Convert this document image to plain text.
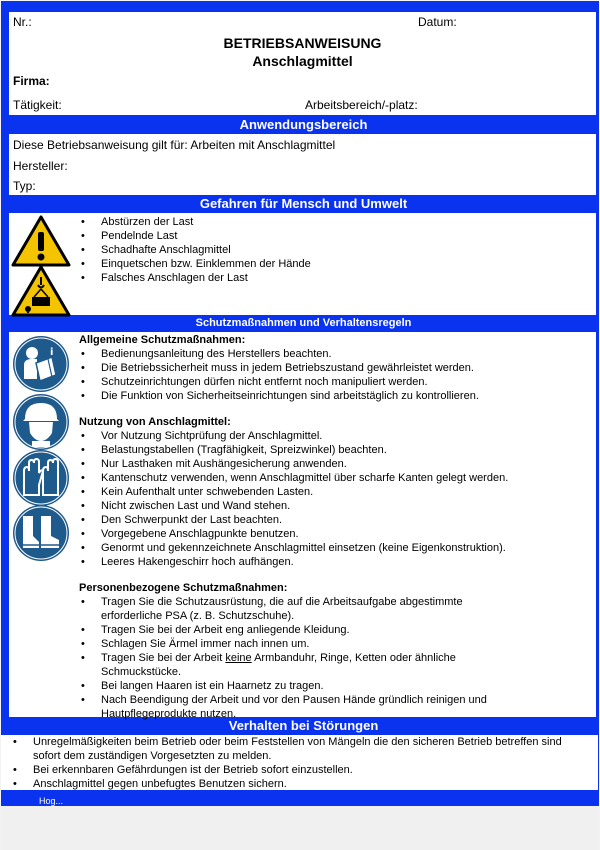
Nr.:	Datum:
BETRIEBSANWEISUNG
Anschlagmittel
Firma:
Tätigkeit:	Arbeitsbereich/-platz:
Anwendungsbereich
Diese Betriebsanweisung gilt für: Arbeiten mit Anschlagmittel
Hersteller:
Typ:
Gefahren für Mensch und Umwelt
• Abstürzen der Last
• Pendelnde Last
• Schadhafte Anschlagmittel
• Einquetschen bzw. Einklemmen der Hände
• Falsches Anschlagen der Last
Schutzmaßnahmen und Verhaltensregeln
i
Allgemeine Schutzmaßnahmen:
• Bedienungsanleitung des Herstellers beachten.
• Die Betriebssicherheit muss in jedem Betriebszustand gewährleistet werden.
• Schutzeinrichtungen dürfen nicht entfernt noch manipuliert werden.
• Die Funktion von Sicherheitseinrichtungen sind arbeitstäglich zu kontrollieren.
Nutzung von Anschlagmittel:
• Vor Nutzung Sichtprüfung der Anschlagmittel.
• Belastungstabellen (Tragfähigkeit, Spreizwinkel) beachten.
• Nur Lasthaken mit Aushängesicherung anwenden.
• Kantenschutz verwenden, wenn Anschlagmittel über scharfe Kanten gelegt werden.
• Kein Aufenthalt unter schwebenden Lasten.
• Nicht zwischen Last und Wand stehen.
• Den Schwerpunkt der Last beachten.
• Vorgegebene Anschlagpunkte benutzen.
• Genormt und gekennzeichnete Anschlagmittel einsetzen (keine Eigenkonstruktion).
• Leeres Hakengeschirr hoch aufhängen.
Personenbezogene Schutzmaßnahmen:
• Tragen Sie die Schutzausrüstung, die auf die Arbeitsaufgabe abgestimmte
erforderliche PSA (z. B. Schutzschuhe).
• Tragen Sie bei der Arbeit eng anliegende Kleidung.
• Schlagen Sie Ärmel immer nach innen um.
• Tragen Sie bei der Arbeit keine Armbanduhr, Ringe, Ketten oder ähnliche
Schmuckstücke.
• Bei langen Haaren ist ein Haarnetz zu tragen.
• Nach Beendigung der Arbeit und vor den Pausen Hände gründlich reinigen und
Hautpflegeprodukte nutzen.
Verhalten bei Störungen
• Unregelmäßigkeiten beim Betrieb oder beim Feststellen von Mängeln die den sicheren Betrieb betreffen sind
sofort dem zuständigen Vorgesetzten zu melden.
• Bei erkennbaren Gefährdungen ist der Betrieb sofort einzustellen.
• Anschlagmittel gegen unbefugtes Benutzen sichern.
Hog...
